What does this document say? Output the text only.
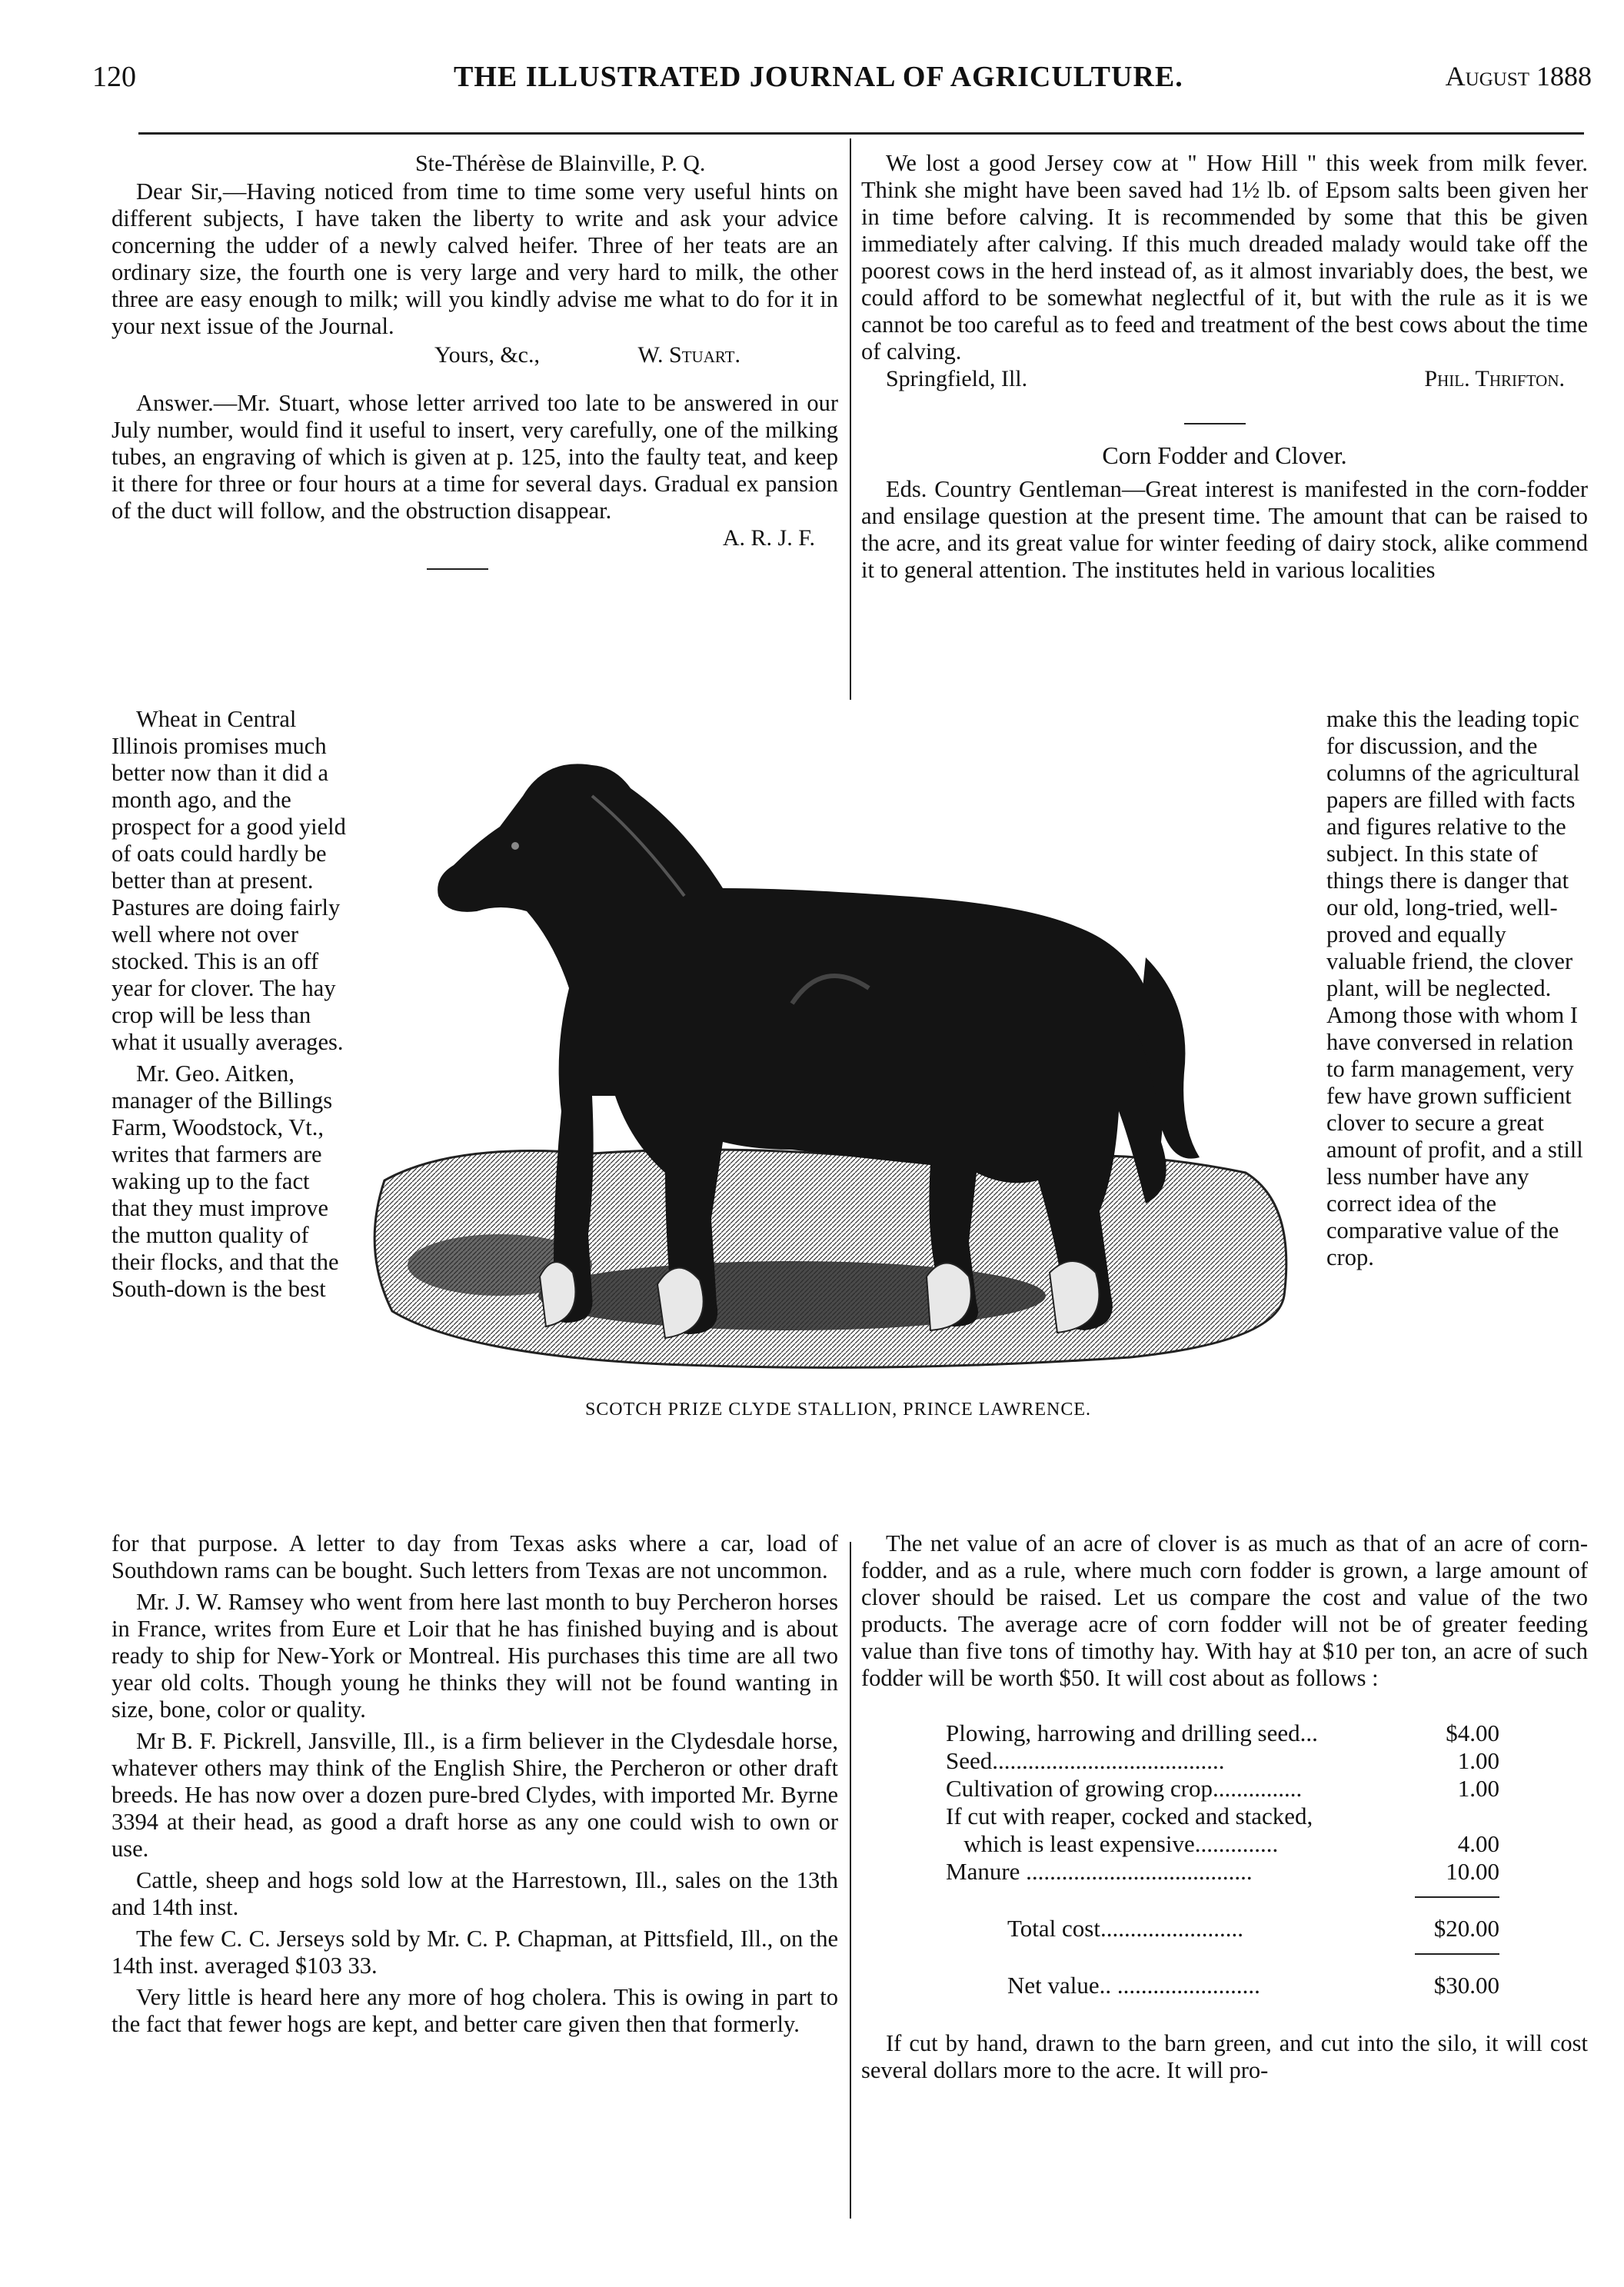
120	THE ILLUSTRATED JOURNAL OF AGRICULTURE.	August 1888
Ste-Thérèse de Blainville, P. Q.

Dear Sir,—Having noticed from time to time some very useful hints on different subjects, I have taken the liberty to write and ask your advice concerning the udder of a newly calved heifer. Three of her teats are an ordinary size, the fourth one is very large and very hard to milk, the other three are easy enough to milk; will you kindly advise me what to do for it in your next issue of the Journal.

Yours, &c.,	W. Stuart.

Answer.—Mr. Stuart, whose letter arrived too late to be answered in our July number, would find it useful to insert, very carefully, one of the milking tubes, an engraving of which is given at p. 125, into the faulty teat, and keep it there for three or four hours at a time for several days. Gradual ex pansion of the duct will follow, and the obstruction disappear.

A. R. J. F.

Wheat in Central Illinois promises much better now than it did a month ago, and the prospect for a good yield of oats could hardly be better than at present. Pastures are doing fairly well where not over stocked. This is an off year for clover. The hay crop will be less than what it usually averages.

Mr. Geo. Aitken, manager of the Billings Farm, Woodstock, Vt., writes that farmers are waking up to the fact that they must improve the mutton quality of their flocks, and that the South-down is the best

SCOTCH PRIZE CLYDE STALLION, PRINCE LAWRENCE.

for that purpose. A letter to day from Texas asks where a car, load of Southdown rams can be bought. Such letters from Texas are not uncommon.

Mr. J. W. Ramsey who went from here last month to buy Percheron horses in France, writes from Eure et Loir that he has finished buying and is about ready to ship for New-York or Montreal. His purchases this time are all two year old colts. Though young he thinks they will not be found wanting in size, bone, color or quality.

Mr B. F. Pickrell, Jansville, Ill., is a firm believer in the Clydesdale horse, whatever others may think of the English Shire, the Percheron or other draft breeds. He has now over a dozen pure-bred Clydes, with imported Mr. Byrne 3394 at their head, as good a draft horse as any one could wish to own or use.

Cattle, sheep and hogs sold low at the Harrestown, Ill., sales on the 13th and 14th inst.

The few C. C. Jerseys sold by Mr. C. P. Chapman, at Pittsfield, Ill., on the 14th inst. averaged $103 33.

Very little is heard here any more of hog cholera. This is owing in part to the fact that fewer hogs are kept, and better care given then that formerly.

We lost a good Jersey cow at " How Hill " this week from milk fever. Think she might have been saved had 1½ lb. of Epsom salts been given her in time before calving. It is recommended by some that this be given immediately after calving. If this much dreaded malady would take off the poorest cows in the herd instead of, as it almost invariably does, the best, we could afford to be somewhat neglectful of it, but with the rule as it is we cannot be too careful as to feed and treatment of the best cows about the time of calving.

Springfield, Ill.	Phil. Thrifton.
Corn Fodder and Clover.

Eds. Country Gentleman—Great interest is manifested in the corn-fodder and ensilage question at the present time. The amount that can be raised to the acre, and its great value for winter feeding of dairy stock, alike commend it to general attention. The institutes held in various localities

make this the leading topic for discussion, and the columns of the agricultural papers are filled with facts and figures relative to the subject. In this state of things there is danger that our old, long-tried, well-proved and equally valuable friend, the clover plant, will be neglected. Among those with whom I have conversed in relation to farm management, very few have grown sufficient clover to secure a great amount of profit, and a still less number have any correct idea of the comparative value of the crop.

The net value of an acre of clover is as much as that of an acre of corn-fodder, and as a rule, where much corn fodder is grown, a large amount of clover should be raised. Let us compare the cost and value of the two products. The average acre of corn fodder will not be of greater feeding value than five tons of timothy hay. With hay at $10 per ton, an acre of such fodder will be worth $50. It will cost about as follows :

Plowing, harrowing and drilling seed...	$4.00
Seed.......................................	1.00
Cultivation of growing crop...............	1.00
If cut with reaper, cocked and stacked,	
which is least expensive..............	4.00
Manure ......................................	10.00
Total cost........................	$20.00
Net value.. ........................	$30.00

If cut by hand, drawn to the barn green, and cut into the silo, it will cost several dollars more to the acre. It will pro-
